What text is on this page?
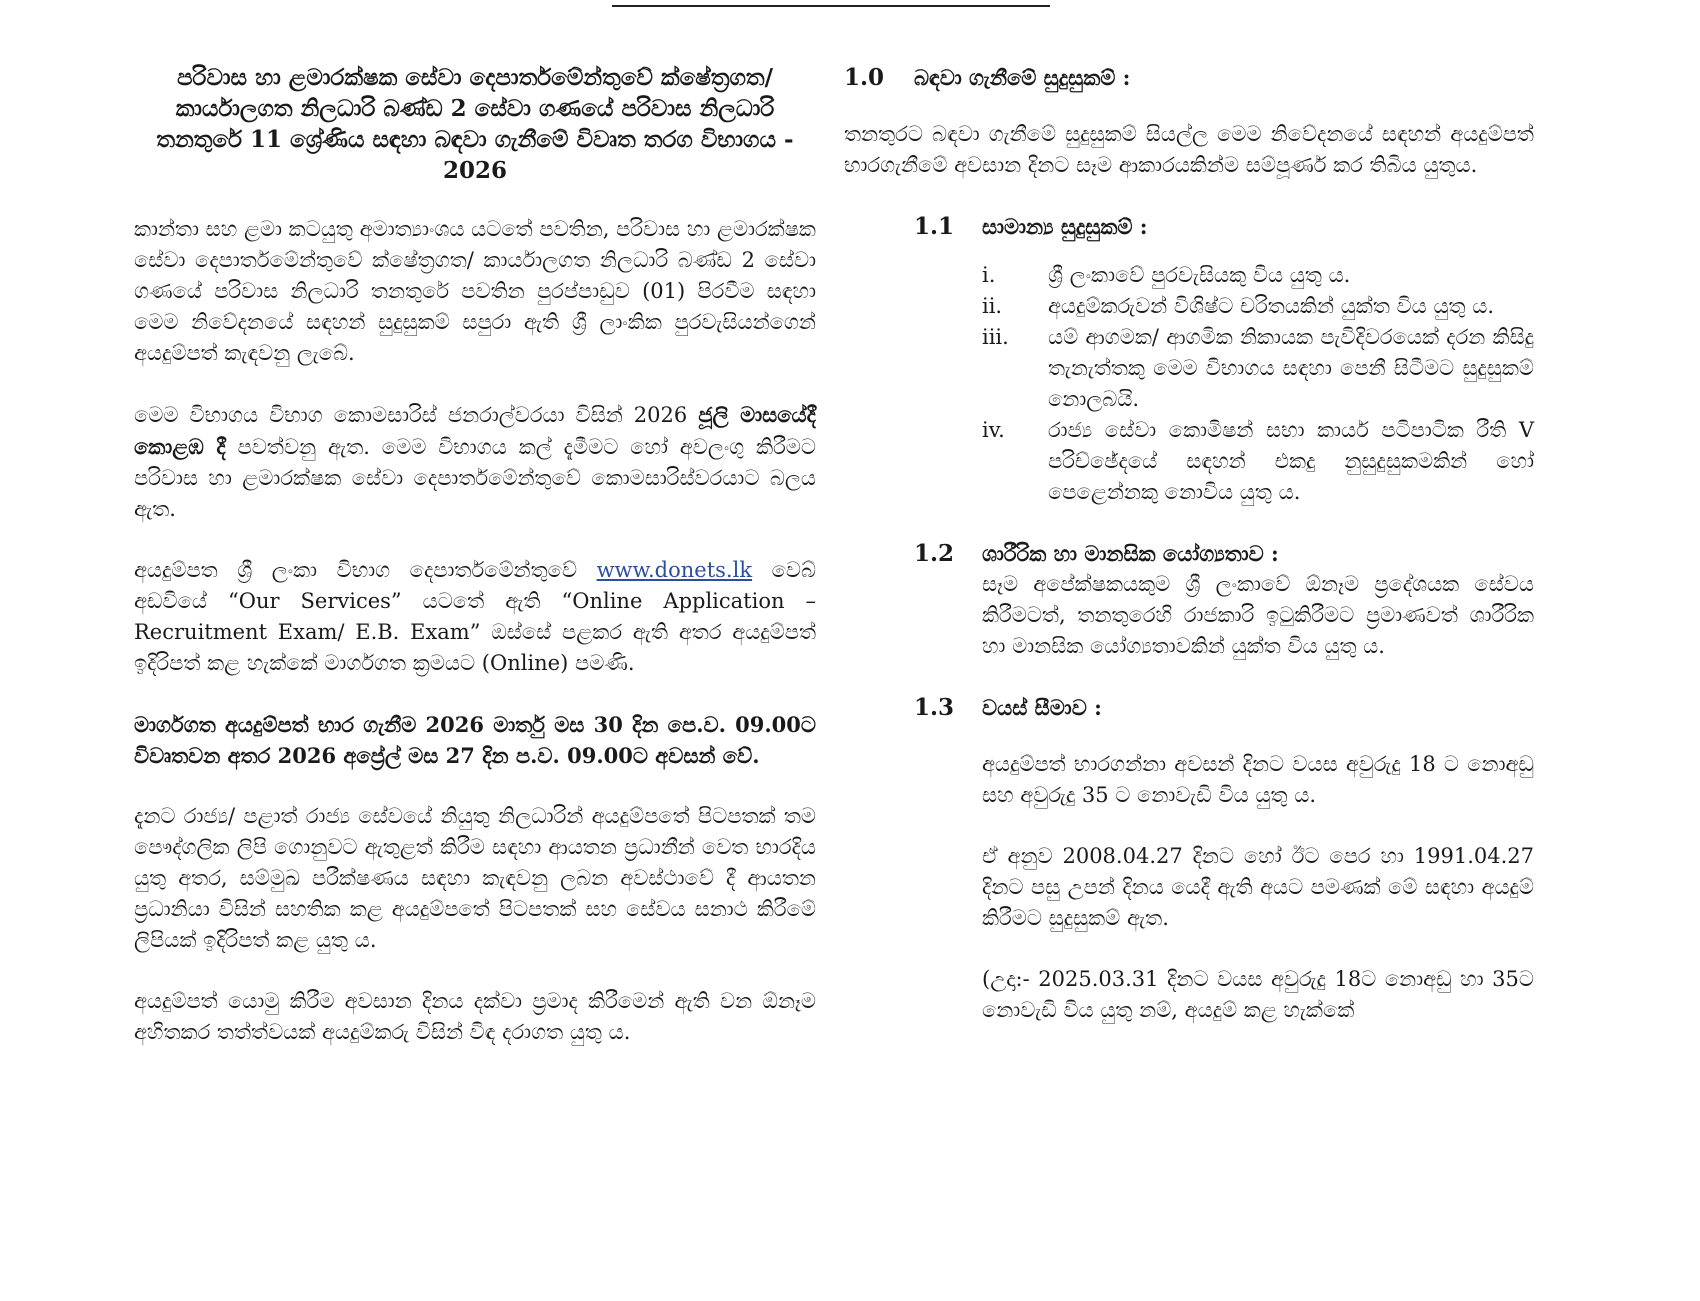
පරිවාස හා ළමාරක්ෂක සේවා දෙපාර්තමේන්තුවේ ක්ෂේත්‍රගත/ කාර්යාලගත නිලධාරි බණ්ඩ 2 සේවා ගණයේ පරිවාස නිලධාරි තනතුරේ 11 ශ්‍රේණිය සඳහා බඳවා ගැනීමේ විවෘත තරග විභාගය - 2026

කාන්තා සහ ළමා කටයුතු අමාත්‍යාංශය යටතේ පවතින, පරිවාස හා ළමාරක්ෂක සේවා දෙපාර්තමේන්තුවේ ක්ෂේත්‍රගත/ කාර්යාලගත නිලධාරි බණ්ඩ 2 සේවා ගණයේ පරිවාස නිලධාරි තනතුරේ පවතින පුරප්පාඩුව (01) පිරවීම සඳහා මෙම නිවේදනයේ සඳහන් සුදුසුකම් සපුරා ඇති ශ්‍රී ලාංකික පුරවැසියන්ගෙන් අයදුම්පත් කැඳවනු ලැබේ.

මෙම විභාගය විභාග කොමසාරිස් ජනරාල්වරයා විසින් 2026 ජූලි මාසයේදී කොළඹ දී පවත්වනු ඇත. මෙම විභාගය කල් දැමීමට හෝ අවලංගු කිරීමට පරිවාස හා ළමාරක්ෂක සේවා දෙපාර්තමේන්තුවේ කොමසාරිස්වරයාට බලය ඇත.

අයදුම්පත ශ්‍රී ලංකා විභාග දෙපාර්තමේන්තුවේ www.donets.lk වෙබ් අඩවියේ “Our Services” යටතේ ඇති “Online Application – Recruitment Exam/ E.B. Exam” ඔස්සේ පළකර ඇති අතර අයදුම්පත් ඉදිරිපත් කළ හැක්කේ මාර්ගගත ක්‍රමයට (Online) පමණි.

මාර්ගගත අයදුම්පත් භාර ගැනීම 2026 මාර්තු මස 30 දින පෙ.ව. 09.00ට විවෘතවන අතර 2026 අප්‍රේල් මස 27 දින ප.ව. 09.00ට අවසන් වේ.

දැනට රාජ්‍ය/ පළාත් රාජ්‍ය සේවයේ නියුතු නිලධාරින් අයදුම්පතේ පිටපතක් තම පෞද්ගලික ලිපි ගොනුවට ඇතුළත් කිරීම සඳහා ආයතන ප්‍රධානීන් වෙත භාරදිය යුතු අතර, සම්මුඛ පරීක්ෂණය සඳහා කැඳවනු ලබන අවස්ථාවේ දී ආයතන ප්‍රධානියා විසින් සහතික කළ අයදුම්පතේ පිටපතක් සහ සේවය සනාථ කිරීමේ ලිපියක් ඉදිරිපත් කළ යුතු ය.

අයදුම්පත් යොමු කිරීම අවසාන දිනය දක්වා ප්‍රමාද කිරීමෙන් ඇති වන ඕනෑම අහිතකර තත්ත්වයක් අයදුම්කරු විසින් විඳ දරාගත යුතු ය.

1.0	බඳවා ගැනීමේ සුදුසුකම් :

තනතුරට බඳවා ගැනීමේ සුදුසුකම් සියල්ල මෙම නිවේදනයේ සඳහන් අයදුම්පත් භාරගැනීමේ අවසාන දිනට සෑම ආකාරයකින්ම සම්පූර්ණ කර තිබිය යුතුය.

1.1	සාමාන්‍ය සුදුසුකම් :
i.	ශ්‍රී ලංකාවේ පුරවැසියකු විය යුතු ය.
ii.	අයදුම්කරුවන් විශිෂ්ට චරිතයකින් යුක්ත විය යුතු ය.
iii.	යම් ආගමක/ ආගමික නිකායක පැවිදිවරයෙක් දරන කිසිදු තැනැත්තකු මෙම විභාගය සඳහා පෙනී සිටීමට සුදුසුකම් නොලබයි.
iv.	රාජ්‍ය සේවා කොමිෂන් සභා කාර්ය පටිපාටික රීති V පරිච්ඡේදයේ සඳහන් එකදු නුසුදුසුකමකින් හෝ පෙළෙන්නකු නොවිය යුතු ය.
1.2	ශාරීරික හා මානසික යෝග්‍යතාව :

සෑම අපේක්ෂකයකුම ශ්‍රී ලංකාවේ ඕනෑම ප්‍රදේශයක සේවය කිරීමටත්, තනතුරෙහි රාජකාරි ඉටුකිරීමට ප්‍රමාණවත් ශාරීරික හා මානසික යෝග්‍යතාවකින් යුක්ත විය යුතු ය.

1.3	වයස් සීමාව :

අයදුම්පත් භාරගන්නා අවසන් දිනට වයස අවුරුදු 18 ට නොඅඩු සහ අවුරුදු 35 ට නොවැඩි විය යුතු ය.

ඒ අනුව 2008.04.27 දිනට හෝ ඊට පෙර හා 1991.04.27 දිනට පසු උපන් දිනය යෙදී ඇති අයට පමණක් මේ සඳහා අයදුම් කිරීමට සුදුසුකම් ඇත.

(උදා:- 2025.03.31 දිනට වයස අවුරුදු 18ට නොඅඩු හා 35ට නොවැඩි විය යුතු නම්, අයදුම් කළ හැක්කේ
